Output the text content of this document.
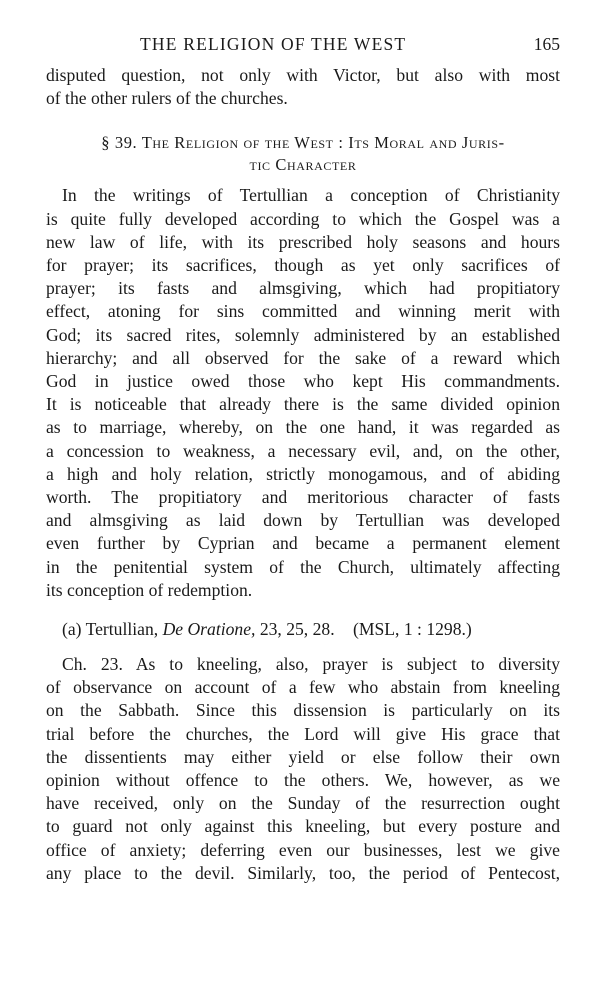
THE RELIGION OF THE WEST	165
disputed question, not only with Victor, but also with most
of the other rulers of the churches.
§ 39. The Religion of the West : Its Moral and Juris-
tic Character
In the writings of Tertullian a conception of Christianity
is quite fully developed according to which the Gospel was a
new law of life, with its prescribed holy seasons and hours
for prayer; its sacrifices, though as yet only sacrifices of
prayer; its fasts and almsgiving, which had propitiatory
effect, atoning for sins committed and winning merit with
God; its sacred rites, solemnly administered by an established
hierarchy; and all observed for the sake of a reward which
God in justice owed those who kept His commandments.
It is noticeable that already there is the same divided opinion
as to marriage, whereby, on the one hand, it was regarded as
a concession to weakness, a necessary evil, and, on the other,
a high and holy relation, strictly monogamous, and of abiding
worth. The propitiatory and meritorious character of fasts
and almsgiving as laid down by Tertullian was developed
even further by Cyprian and became a permanent element
in the penitential system of the Church, ultimately affecting
its conception of redemption.
(a) Tertullian, De Oratione, 23, 25, 28. (MSL, 1 : 1298.)
Ch. 23. As to kneeling, also, prayer is subject to diversity
of observance on account of a few who abstain from kneeling
on the Sabbath. Since this dissension is particularly on its
trial before the churches, the Lord will give His grace that
the dissentients may either yield or else follow their own
opinion without offence to the others. We, however, as we
have received, only on the Sunday of the resurrection ought
to guard not only against this kneeling, but every posture and
office of anxiety; deferring even our businesses, lest we give
any place to the devil. Similarly, too, the period of Pentecost,
